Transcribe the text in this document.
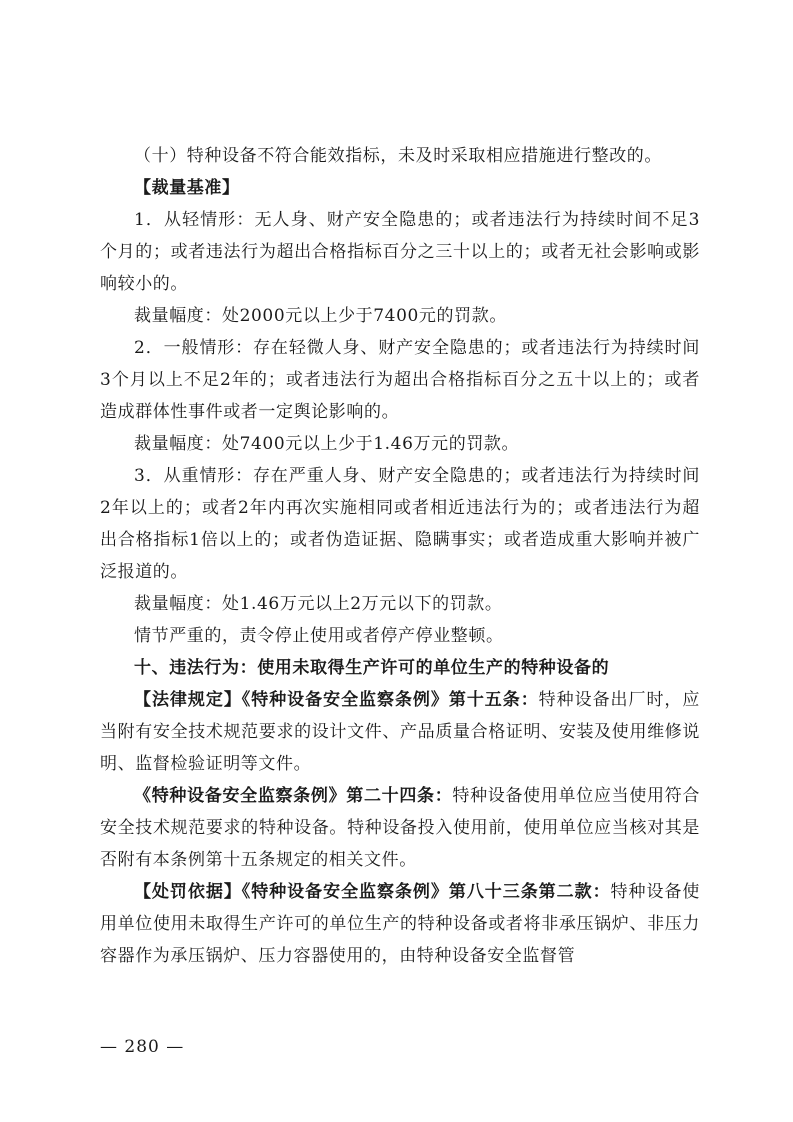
（十）特种设备不符合能效指标，未及时采取相应措施进行整改的。

【裁量基准】

1．从轻情形：无人身、财产安全隐患的；或者违法行为持续时间不足3个月的；或者违法行为超出合格指标百分之三十以上的；或者无社会影响或影响较小的。

裁量幅度：处2000元以上少于7400元的罚款。

2．一般情形：存在轻微人身、财产安全隐患的；或者违法行为持续时间3个月以上不足2年的；或者违法行为超出合格指标百分之五十以上的；或者造成群体性事件或者一定舆论影响的。

裁量幅度：处7400元以上少于1.46万元的罚款。

3．从重情形：存在严重人身、财产安全隐患的；或者违法行为持续时间2年以上的；或者2年内再次实施相同或者相近违法行为的；或者违法行为超出合格指标1倍以上的；或者伪造证据、隐瞒事实；或者造成重大影响并被广泛报道的。

裁量幅度：处1.46万元以上2万元以下的罚款。

情节严重的，责令停止使用或者停产停业整顿。

十、违法行为：使用未取得生产许可的单位生产的特种设备的

【法律规定】《特种设备安全监察条例》第十五条：特种设备出厂时，应当附有安全技术规范要求的设计文件、产品质量合格证明、安装及使用维修说明、监督检验证明等文件。

《特种设备安全监察条例》第二十四条：特种设备使用单位应当使用符合安全技术规范要求的特种设备。特种设备投入使用前，使用单位应当核对其是否附有本条例第十五条规定的相关文件。

【处罚依据】《特种设备安全监察条例》第八十三条第二款：特种设备使用单位使用未取得生产许可的单位生产的特种设备或者将非承压锅炉、非压力容器作为承压锅炉、压力容器使用的，由特种设备安全监督管

— 280 —
